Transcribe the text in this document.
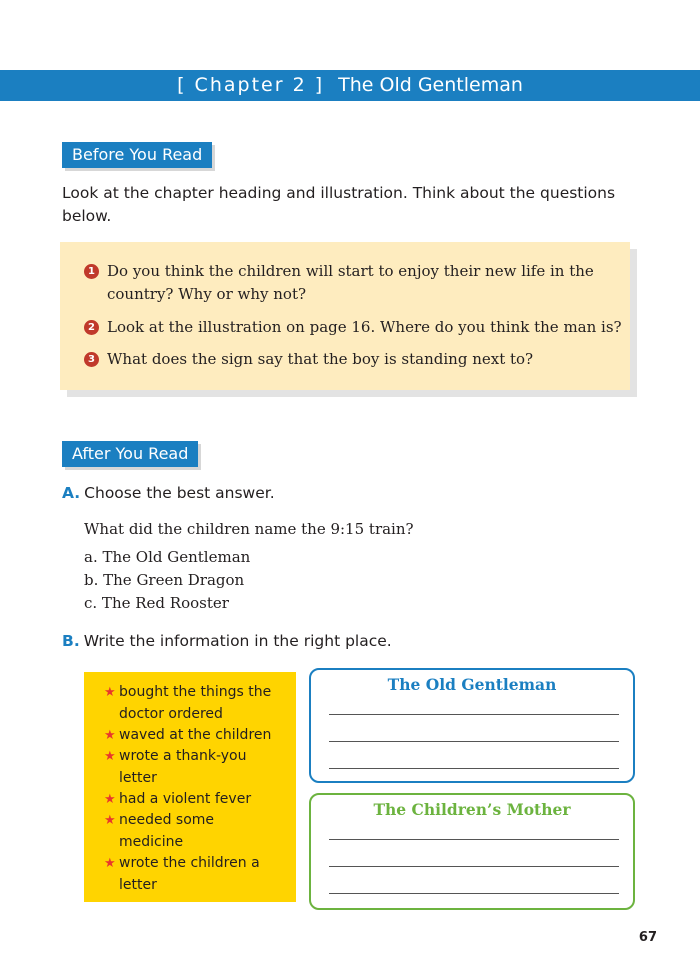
[ Chapter 2 ] The Old Gentleman
Before You Read
Look at the chapter heading and illustration. Think about the questions below.
1 Do you think the children will start to enjoy their new life in the country? Why or why not?
2 Look at the illustration on page 16. Where do you think the man is?
3 What does the sign say that the boy is standing next to?
After You Read
A. Choose the best answer.
What did the children name the 9:15 train?
a. The Old Gentleman
b. The Green Dragon
c. The Red Rooster
B. Write the information in the right place.
★ bought the things the
doctor ordered
★ waved at the children
★ wrote a thank-you
letter
★ had a violent fever
★ needed some
medicine
★ wrote the children a
letter
The Old Gentleman
The Children’s Mother
67
